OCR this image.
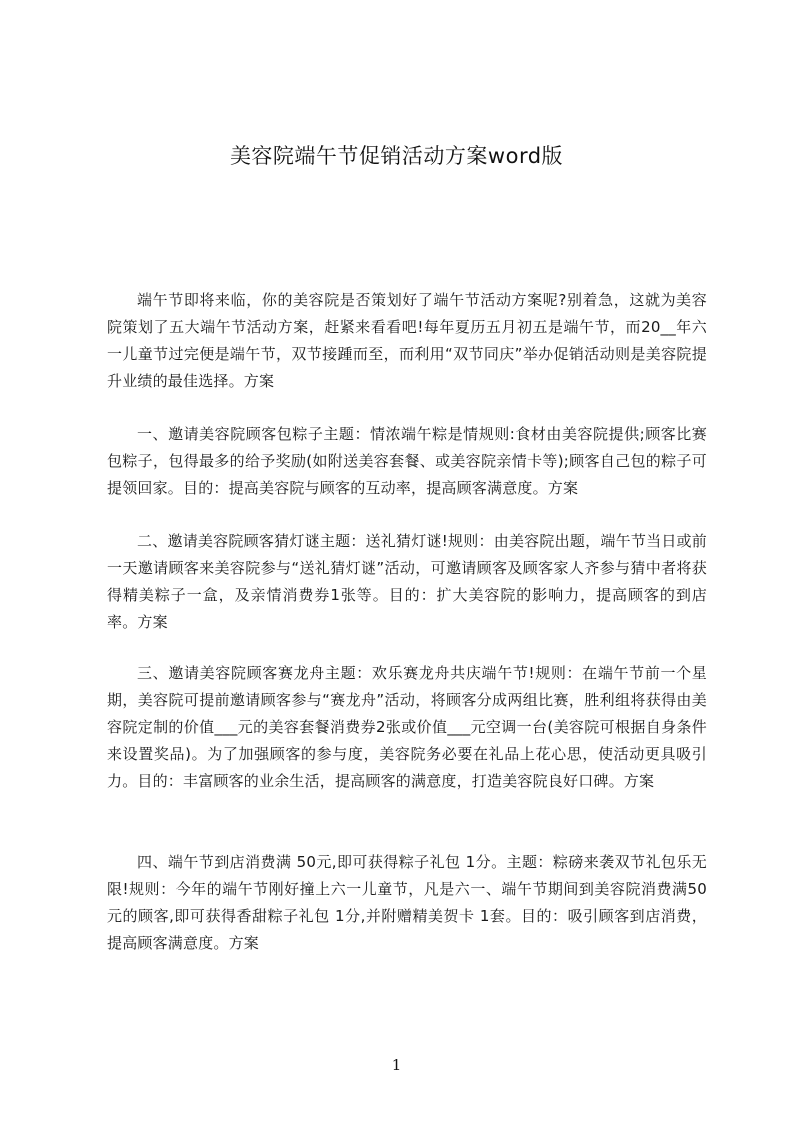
美容院端午节促销活动方案word版

端午节即将来临，你的美容院是否策划好了端午节活动方案呢?别着急，这就为美容院策划了五大端午节活动方案，赶紧来看看吧!每年夏历五月初五是端午节，而20__年六一儿童节过完便是端午节，双节接踵而至，而利用“双节同庆”举办促销活动则是美容院提升业绩的最佳选择。方案

一、邀请美容院顾客包粽子主题：情浓端午粽是情规则:食材由美容院提供;顾客比赛包粽子，包得最多的给予奖励(如附送美容套餐、或美容院亲情卡等);顾客自己包的粽子可提领回家。目的：提高美容院与顾客的互动率，提高顾客满意度。方案

二、邀请美容院顾客猜灯谜主题：送礼猜灯谜!规则：由美容院出题，端午节当日或前一天邀请顾客来美容院参与“送礼猜灯谜”活动，可邀请顾客及顾客家人齐参与猜中者将获得精美粽子一盒，及亲情消费券1张等。目的：扩大美容院的影响力，提高顾客的到店率。方案

三、邀请美容院顾客赛龙舟主题：欢乐赛龙舟共庆端午节!规则：在端午节前一个星期，美容院可提前邀请顾客参与“赛龙舟”活动，将顾客分成两组比赛，胜利组将获得由美容院定制的价值___元的美容套餐消费券2张或价值___元空调一台(美容院可根据自身条件来设置奖品)。为了加强顾客的参与度，美容院务必要在礼品上花心思，使活动更具吸引力。目的：丰富顾客的业余生活，提高顾客的满意度，打造美容院良好口碑。方案

四、端午节到店消费满 50元,即可获得粽子礼包 1分。主题：粽磅来袭双节礼包乐无限!规则：今年的端午节刚好撞上六一儿童节，凡是六一、端午节期间到美容院消费满50元的顾客,即可获得香甜粽子礼包 1分,并附赠精美贺卡 1套。目的：吸引顾客到店消费，提高顾客满意度。方案

1
